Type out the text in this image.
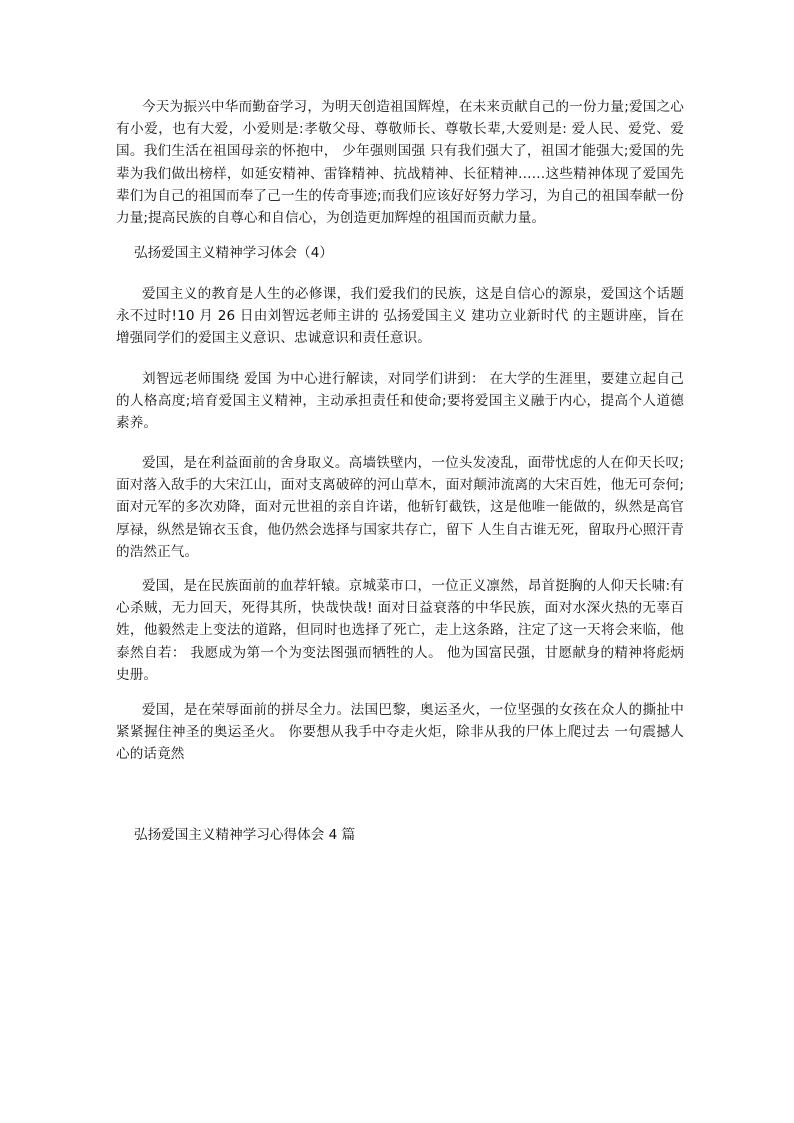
今天为振兴中华而勤奋学习，为明天创造祖国辉煌，在未来贡献自己的一份力量;爱国之心有小爱，也有大爱，小爱则是:孝敬父母、尊敬师长、尊敬长辈,大爱则是: 爱人民、爱党、爱国。我们生活在祖国母亲的怀抱中， 少年强则国强 只有我们强大了，祖国才能强大;爱国的先辈为我们做出榜样，如延安精神、雷锋精神、抗战精神、长征精神……这些精神体现了爱国先辈们为自己的祖国而奉了己一生的传奇事迹;而我们应该好好努力学习，为自己的祖国奉献一份力量;提高民族的自尊心和自信心，为创造更加辉煌的祖国而贡献力量。

弘扬爱国主义精神学习体会（4）

爱国主义的教育是人生的必修课，我们爱我们的民族，这是自信心的源泉，爱国这个话题永不过时!10 月 26 日由刘智远老师主讲的 弘扬爱国主义 建功立业新时代 的主题讲座，旨在增强同学们的爱国主义意识、忠诚意识和责任意识。

刘智远老师围绕 爱国 为中心进行解读，对同学们讲到： 在大学的生涯里，要建立起自己的人格高度;培育爱国主义精神，主动承担责任和使命;要将爱国主义融于内心，提高个人道德素养。

爱国，是在利益面前的舍身取义。高墙铁壁内，一位头发凌乱，面带忧虑的人在仰天长叹;面对落入敌手的大宋江山，面对支离破碎的河山草木，面对颠沛流离的大宋百姓，他无可奈何;面对元军的多次劝降，面对元世祖的亲自许诺，他斩钉截铁，这是他唯一能做的，纵然是高官厚禄，纵然是锦衣玉食，他仍然会选择与国家共存亡，留下 人生自古谁无死，留取丹心照汗青 的浩然正气。

爱国，是在民族面前的血荐轩辕。京城菜市口，一位正义凛然，昂首挺胸的人仰天长啸:有心杀贼，无力回天，死得其所，快哉快哉! 面对日益衰落的中华民族，面对水深火热的无辜百姓，他毅然走上变法的道路，但同时也选择了死亡，走上这条路，注定了这一天将会来临，他泰然自若： 我愿成为第一个为变法图强而牺牲的人。 他为国富民强，甘愿献身的精神将彪炳史册。

爱国，是在荣辱面前的拼尽全力。法国巴黎，奥运圣火，一位坚强的女孩在众人的撕扯中紧紧握住神圣的奥运圣火。 你要想从我手中夺走火炬，除非从我的尸体上爬过去 一句震撼人心的话竟然

弘扬爱国主义精神学习心得体会 4 篇
